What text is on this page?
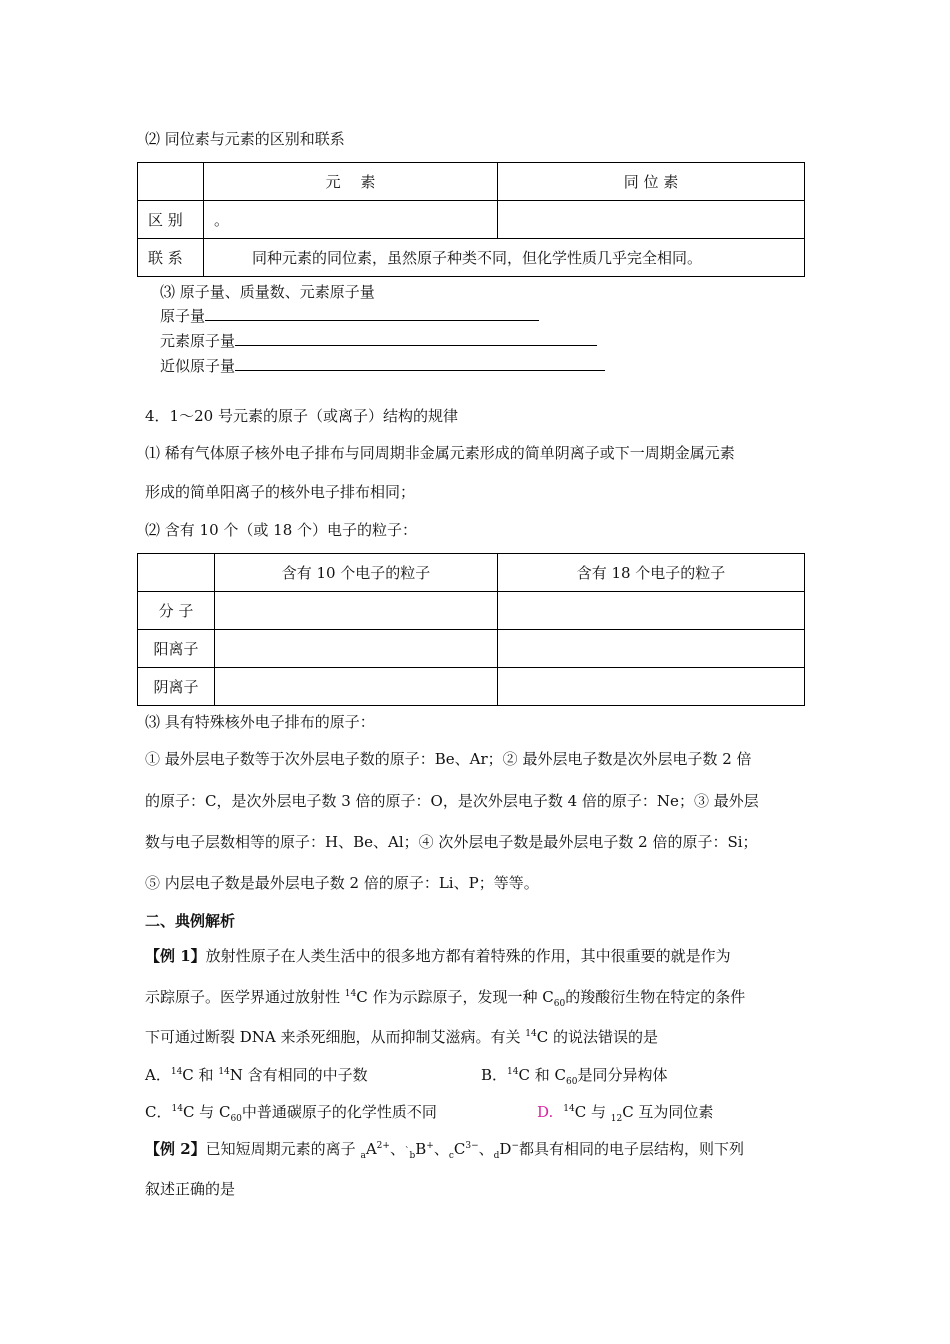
⑵ 同位素与元素的区别和联系
	元　 素	同 位 素
区 别	。	
联 系	同种元素的同位素，虽然原子种类不同，但化学性质几乎完全相同。	
⑶ 原子量、质量数、元素原子量
原子量
元素原子量
近似原子量
4．1～20 号元素的原子（或离子）结构的规律
⑴ 稀有气体原子核外电子排布与同周期非金属元素形成的简单阴离子或下一周期金属元素
形成的简单阳离子的核外电子排布相同；
⑵ 含有 10 个（或 18 个）电子的粒子：
	含有 10 个电子的粒子	含有 18 个电子的粒子
分 子		
阳离子		
阴离子		
⑶ 具有特殊核外电子排布的原子：
① 最外层电子数等于次外层电子数的原子：Be、Ar；② 最外层电子数是次外层电子数 2 倍
的原子：C，是次外层电子数 3 倍的原子：O，是次外层电子数 4 倍的原子：Ne；③ 最外层
数与电子层数相等的原子：H、Be、Al；④ 次外层电子数是最外层电子数 2 倍的原子：Si；
⑤ 内层电子数是最外层电子数 2 倍的原子：Li、P；等等。
二、典例解析
【例 1】放射性原子在人类生活中的很多地方都有着特殊的作用，其中很重要的就是作为
示踪原子。医学界通过放射性 $^{14}$C 作为示踪原子，发现一种 $C_{60}$的羧酸衍生物在特定的条件
下可通过断裂 DNA 来杀死细胞，从而抑制艾滋病。有关 $^{14}$C 的说法错误的是
A．$^{14}$C 和 $^{14}$N 含有相同的中子数	B．$^{14}$C 和 $C_{60}$是同分异构体
C．$^{14}$C 与 $C_{60}$中普通碳原子的化学性质不同	D. $^{14}$C 与 $_{12}$C 互为同位素
【例 2】已知短周期元素的离子 $_aA^{2+}$、$`_bB^+$、$_cC^{3-}$、$_d$D−都具有相同的电子层结构，则下列
叙述正确的是
